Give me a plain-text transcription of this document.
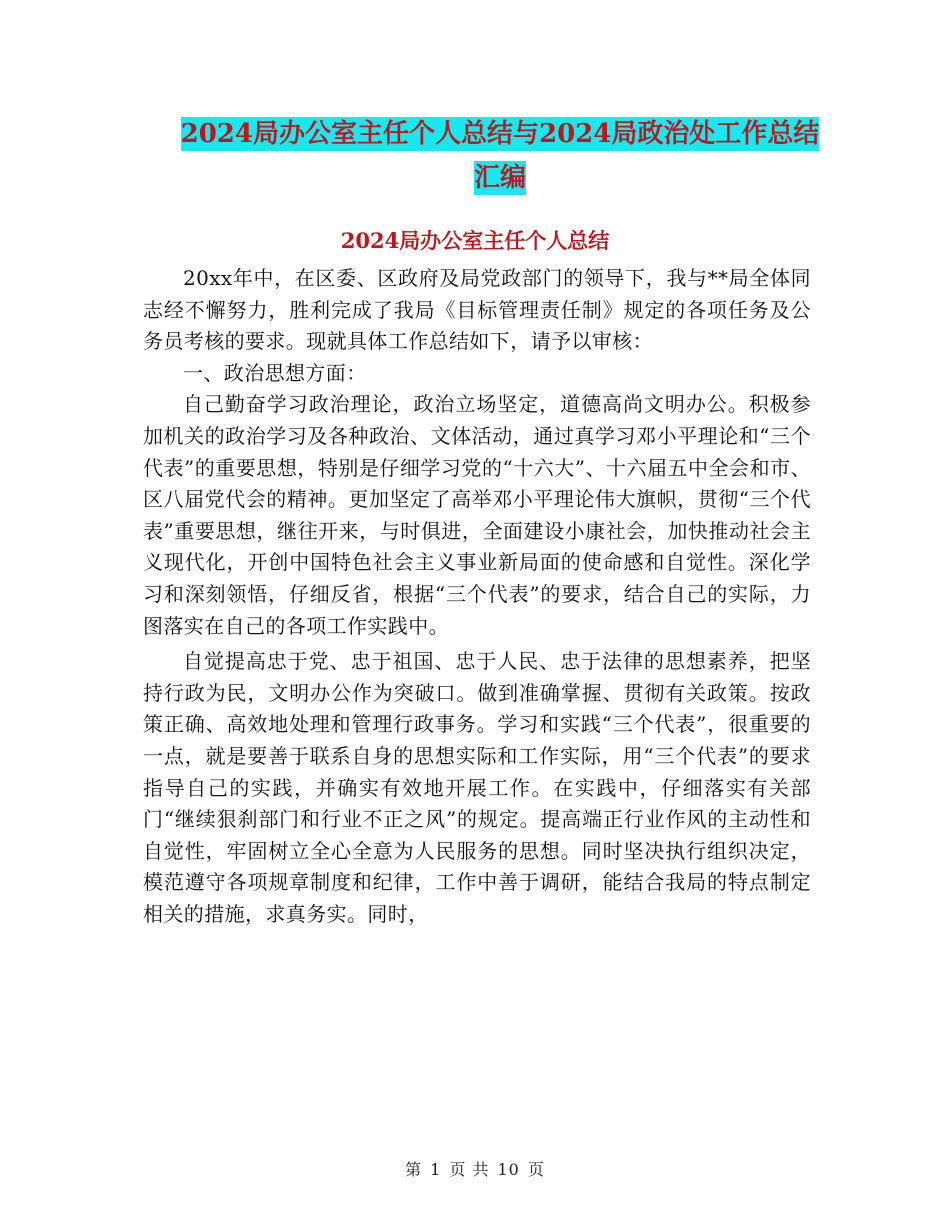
2024局办公室主任个人总结与2024局政治处工作总结
汇编
2024局办公室主任个人总结

20xx年中，在区委、区政府及局党政部门的领导下，我与**局全体同志经不懈努力，胜利完成了我局《目标管理责任制》规定的各项任务及公务员考核的要求。现就具体工作总结如下，请予以审核：

一、政治思想方面：

自己勤奋学习政治理论，政治立场坚定，道德高尚文明办公。积极参加机关的政治学习及各种政治、文体活动，通过真学习邓小平理论和“三个代表”的重要思想，特别是仔细学习党的“十六大”、十六届五中全会和市、区八届党代会的精神。更加坚定了高举邓小平理论伟大旗帜，贯彻“三个代表”重要思想，继往开来，与时俱进，全面建设小康社会，加快推动社会主义现代化，开创中国特色社会主义事业新局面的使命感和自觉性。深化学习和深刻领悟，仔细反省，根据“三个代表”的要求，结合自己的实际，力图落实在自己的各项工作实践中。

自觉提高忠于党、忠于祖国、忠于人民、忠于法律的思想素养，把坚持行政为民，文明办公作为突破口。做到准确掌握、贯彻有关政策。按政策正确、高效地处理和管理行政事务。学习和实践“三个代表”，很重要的一点，就是要善于联系自身的思想实际和工作实际，用“三个代表”的要求指导自己的实践，并确实有效地开展工作。在实践中，仔细落实有关部门“继续狠刹部门和行业不正之风”的规定。提高端正行业作风的主动性和自觉性，牢固树立全心全意为人民服务的思想。同时坚决执行组织决定，模范遵守各项规章制度和纪律，工作中善于调研，能结合我局的特点制定相关的措施，求真务实。同时，

第 1 页 共 10 页
